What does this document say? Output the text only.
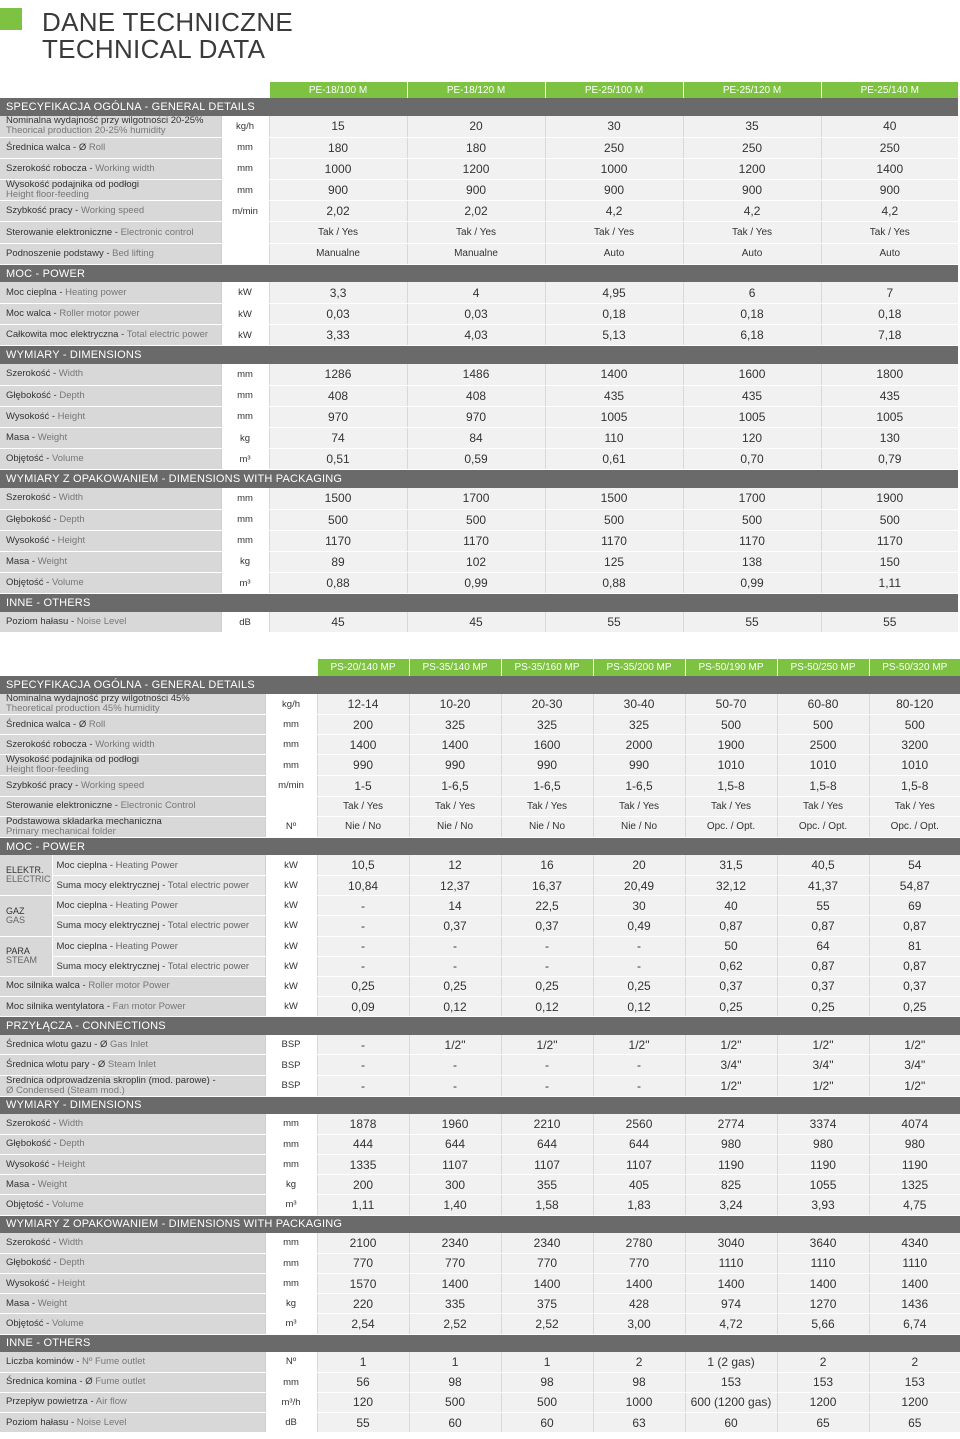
DANE TECHNICZNE
TECHNICAL DATA
		PE-18/100 M	PE-18/120 M	PE-25/100 M	PE-25/120 M	PE-25/140 M
SPECYFIKACJA OGÓLNA - GENERAL DETAILS						
Nominalna wydajność przy wilgotności 20-25%
Theorical production 20-25% humidity	kg/h	15	20	30	35	40
Średnica walca - Ø Roll	mm	180	180	250	250	250
Szerokość robocza - Working width	mm	1000	1200	1000	1200	1400
Wysokość podajnika od podłogi
Height floor-feeding	mm	900	900	900	900	900
Szybkość pracy - Working speed	m/min	2,02	2,02	4,2	4,2	4,2
Sterowanie elektroniczne - Electronic control		Tak / Yes	Tak / Yes	Tak / Yes	Tak / Yes	Tak / Yes
Podnoszenie podstawy - Bed lifting		Manualne	Manualne	Auto	Auto	Auto
MOC - POWER						
Moc cieplna - Heating power	kW	3,3	4	4,95	6	7
Moc walca - Roller motor power	kW	0,03	0,03	0,18	0,18	0,18
Całkowita moc elektryczna - Total electric power	kW	3,33	4,03	5,13	6,18	7,18
WYMIARY - DIMENSIONS						
Szerokość - Width	mm	1286	1486	1400	1600	1800
Głębokość - Depth	mm	408	408	435	435	435
Wysokość - Height	mm	970	970	1005	1005	1005
Masa - Weight	kg	74	84	110	120	130
Objętość - Volume	m³	0,51	0,59	0,61	0,70	0,79
WYMIARY Z OPAKOWANIEM - DIMENSIONS WITH PACKAGING						
Szerokość - Width	mm	1500	1700	1500	1700	1900
Głębokość - Depth	mm	500	500	500	500	500
Wysokość - Height	mm	1170	1170	1170	1170	1170
Masa - Weight	kg	89	102	125	138	150
Objętość - Volume	m³	0,88	0,99	0,88	0,99	1,11
INNE - OTHERS						
Poziom hałasu - Noise Level	dB	45	45	55	55	55
			PS-20/140 MP	PS-35/140 MP	PS-35/160 MP	PS-35/200 MP	PS-50/190 MP	PS-50/250 MP	PS-50/320 MP
SPECYFIKACJA OGÓLNA - GENERAL DETAILS									
Nominalna wydajność przy wilgotności 45%
Theoretical production 45% humidity		kg/h	12-14	10-20	20-30	30-40	50-70	60-80	80-120
Średnica walca - Ø Roll		mm	200	325	325	325	500	500	500
Szerokość robocza - Working width		mm	1400	1400	1600	2000	1900	2500	3200
Wysokość podajnika od podłogi
Height floor-feeding		mm	990	990	990	990	1010	1010	1010
Szybkość pracy - Working speed		m/min	1-5	1-6,5	1-6,5	1-6,5	1,5-8	1,5-8	1,5-8
Sterowanie elektroniczne - Electronic Control			Tak / Yes	Tak / Yes	Tak / Yes	Tak / Yes	Tak / Yes	Tak / Yes	Tak / Yes
Podstawowa składarka mechaniczna
Primary mechanical folder		Nº	Nie / No	Nie / No	Nie / No	Nie / No	Opc. / Opt.	Opc. / Opt.	Opc. / Opt.
MOC - POWER									
ELEKTR.
ELECTRIC	Moc cieplna - Heating Power	kW	10,5	12	16	20	31,5	40,5	54
	Suma mocy elektrycznej - Total electric power	kW	10,84	12,37	16,37	20,49	32,12	41,37	54,87
GAZ
GAS	Moc cieplna - Heating Power	kW	-	14	22,5	30	40	55	69
	Suma mocy elektrycznej - Total electric power	kW	-	0,37	0,37	0,49	0,87	0,87	0,87
PARA
STEAM	Moc cieplna - Heating Power	kW	-	-	-	-	50	64	81
	Suma mocy elektrycznej - Total electric power	kW	-	-	-	-	0,62	0,87	0,87
Moc silnika walca - Roller motor Power		kW	0,25	0,25	0,25	0,25	0,37	0,37	0,37
Moc silnika wentylatora - Fan motor Power		kW	0,09	0,12	0,12	0,12	0,25	0,25	0,25
PRZYŁĄCZA - CONNECTIONS									
Średnica wlotu gazu - Ø Gas Inlet		BSP	-	1/2"	1/2"	1/2"	1/2"	1/2"	1/2"
Średnica wlotu pary - Ø Steam Inlet		BSP	-	-	-	-	3/4"	3/4"	3/4"
Średnica odprowadzenia skroplin (mod. parowe) -
Ø Condensed (Steam mod.)		BSP	-	-	-	-	1/2"	1/2"	1/2"
WYMIARY - DIMENSIONS									
Szerokość - Width		mm	1878	1960	2210	2560	2774	3374	4074
Głębokość - Depth		mm	444	644	644	644	980	980	980
Wysokość - Height		mm	1335	1107	1107	1107	1190	1190	1190
Masa - Weight		kg	200	300	355	405	825	1055	1325
Objętość - Volume		m³	1,11	1,40	1,58	1,83	3,24	3,93	4,75
WYMIARY Z OPAKOWANIEM - DIMENSIONS WITH PACKAGING									
Szerokość - Width		mm	2100	2340	2340	2780	3040	3640	4340
Głębokość - Depth		mm	770	770	770	770	1110	1110	1110
Wysokość - Height		mm	1570	1400	1400	1400	1400	1400	1400
Masa - Weight		kg	220	335	375	428	974	1270	1436
Objętość - Volume		m³	2,54	2,52	2,52	3,00	4,72	5,66	6,74
INNE - OTHERS									
Liczba kominów - Nº Fume outlet		Nº	1	1	1	2	1 (2 gas)	2	2
Średnica komina - Ø Fume outlet		mm	56	98	98	98	153	153	153
Przepływ powietrza - Air flow		m³/h	120	500	500	1000	600 (1200 gas)	1200	1200
Poziom hałasu - Noise Level		dB	55	60	60	63	60	65	65
